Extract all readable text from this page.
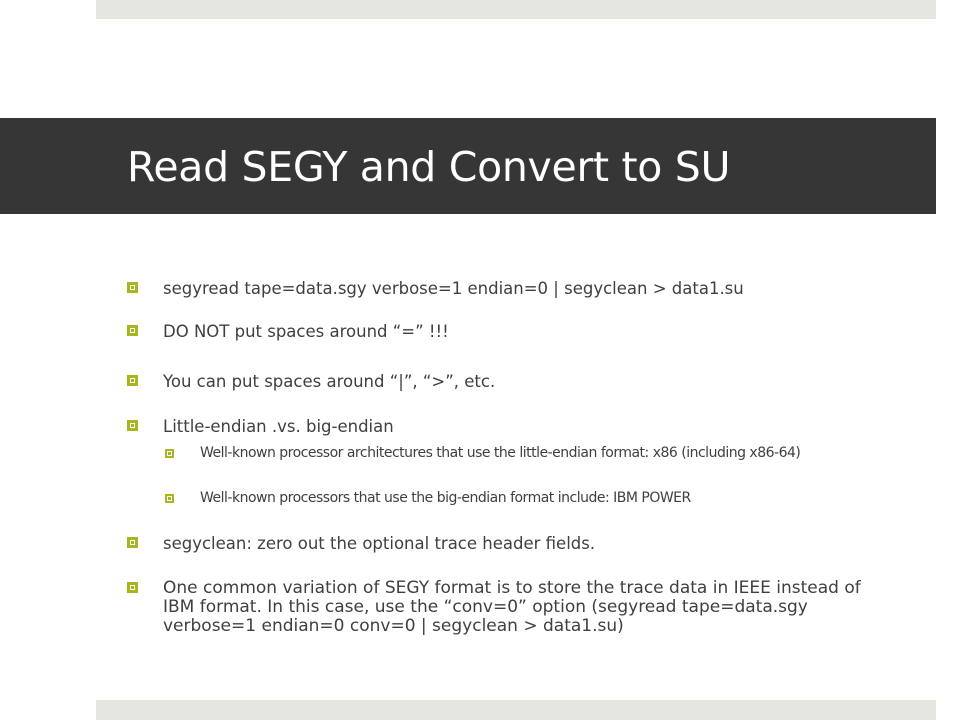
Read SEGY and Convert to SU
segyread tape=data.sgy verbose=1 endian=0 | segyclean > data1.su
DO NOT put spaces around “=” !!!
You can put spaces around “|”, “>”, etc.
Little-endian .vs. big-endian
Well-known processor architectures that use the little-endian format: x86 (including x86-64)
Well-known processors that use the big-endian format include: IBM POWER
segyclean: zero out the optional trace header fields.
One common variation of SEGY format is to store the trace data in IEEE instead of IBM format. In this case, use the “conv=0” option (segyread tape=data.sgy verbose=1 endian=0 conv=0 | segyclean > data1.su)
